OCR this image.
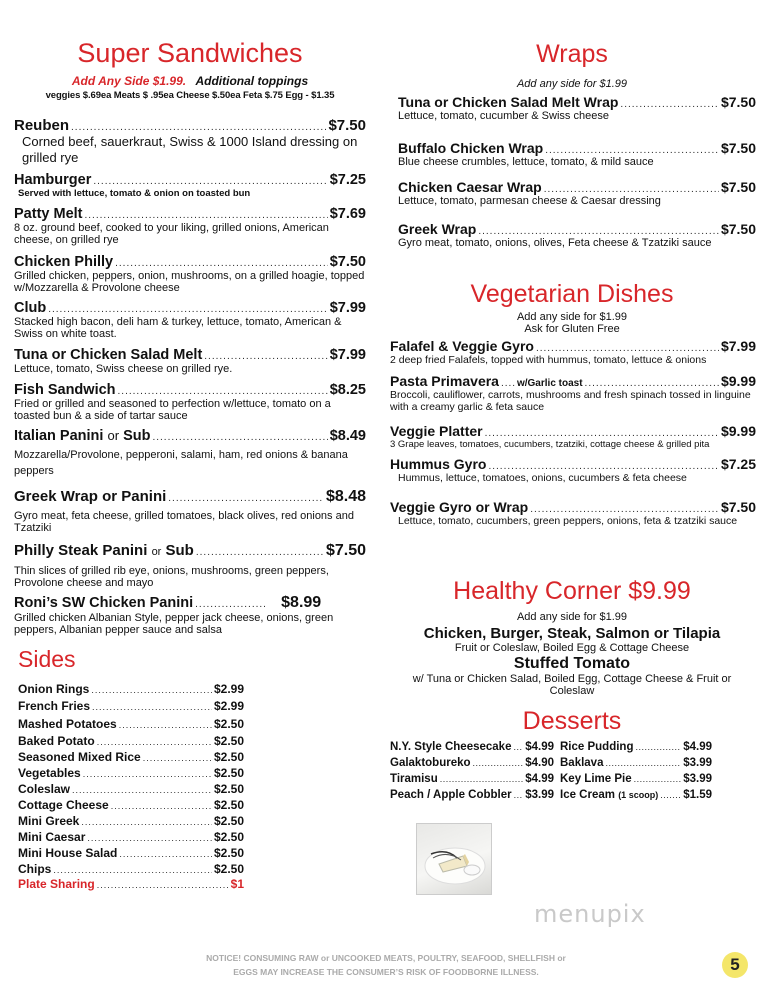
Super Sandwiches
Add Any Side $1.99. Additional toppings
veggies $.69ea Meats $ .95ea Cheese $.50ea Feta $.75 Egg - $1.35
Reuben .....	$7.50
Corned beef, sauerkraut, Swiss & 1000 Island dressing on grilled rye
Hamburger .....	$7.25
Served with lettuce, tomato & onion on toasted bun
Patty Melt .....	$7.69
8 oz. ground beef, cooked to your liking, grilled onions, American cheese, on grilled rye
Chicken Philly .....	$7.50
Grilled chicken, peppers, onion, mushrooms, on a grilled hoagie, topped w/Mozzarella & Provolone cheese
Club .....	$7.99
Stacked high bacon, deli ham & turkey, lettuce, tomato, American & Swiss on white toast.
Tuna or Chicken Salad Melt .....	$7.99
Lettuce, tomato, Swiss cheese on grilled rye.
Fish Sandwich .....	$8.25
Fried or grilled and seasoned to perfection w/lettuce, tomato on a toasted bun & a side of tartar sauce
Italian Panini
or
Sub .....	$8.49
Mozzarella/Provolone, pepperoni, salami, ham, red onions & banana peppers
Greek Wrap or Panini .....	$8.48
Gyro meat, feta cheese, grilled tomatoes, black olives, red onions and Tzatziki
Philly Steak Panini
or
Sub .....	$7.50
Thin slices of grilled rib eye, onions, mushrooms, green peppers, Provolone cheese and mayo
Roni’s SW Chicken Panini .....	$8.99
Grilled chicken Albanian Style, pepper jack cheese, onions, green peppers, Albanian pepper sauce and salsa
Sides
Onion Rings .....	$2.99
French Fries .....	$2.99
Mashed Potatoes .....	$2.50
Baked Potato .....	$2.50
Seasoned Mixed Rice .....	$2.50
Vegetables .....	$2.50
Coleslaw .....	$2.50
Cottage Cheese .....	$2.50
Mini Greek .....	$2.50
Mini Caesar .....	$2.50
Mini House Salad .....	$2.50
Chips .....	$2.50
Plate Sharing .....	$1
Wraps
Add any side for $1.99
Tuna or Chicken Salad Melt Wrap .....	$7.50
Lettuce, tomato, cucumber & Swiss cheese
Buffalo Chicken Wrap .....	$7.50
Blue cheese crumbles, lettuce, tomato, & mild sauce
Chicken Caesar Wrap .....	$7.50
Lettuce, tomato, parmesan cheese & Caesar dressing
Greek Wrap .....	$7.50
Gyro meat, tomato, onions, olives, Feta cheese & Tzatziki sauce
Vegetarian Dishes
Add any side for $1.99
Ask for Gluten Free
Falafel & Veggie Gyro .....	$7.99
2 deep fried Falafels, topped with hummus, tomato, lettuce & onions
Pasta Primavera ..... w/Garlic toast .....	$9.99
Broccoli, cauliflower, carrots, mushrooms and fresh spinach tossed in linguine with a creamy garlic & feta sauce
Veggie Platter .....	$9.99
3 Grape leaves, tomatoes, cucumbers, tzatziki, cottage cheese & grilled pita
Hummus Gyro .....	$7.25
Hummus, lettuce, tomatoes, onions, cucumbers & feta cheese
Veggie Gyro or Wrap .....	$7.50
Lettuce, tomato, cucumbers, green peppers, onions, feta & tzatziki sauce
Healthy Corner $9.99
Add any side for $1.99
Chicken, Burger, Steak, Salmon or Tilapia
Fruit or Coleslaw, Boiled Egg & Cottage Cheese
Stuffed Tomato
w/ Tuna or Chicken Salad, Boiled Egg, Cottage Cheese & Fruit or Coleslaw
Desserts
N.Y. Style Cheesecake ..... $4.99
Galaktobureko .....	$4.90
Tiramisu .....	$4.99
Peach / Apple Cobbler ..... $3.99
Rice Pudding .....	$4.99
Baklava .....	$3.99
Key Lime Pie .....	$3.99
Ice Cream
(1 scoop) ..... $1.59
menupix
NOTICE! CONSUMING RAW or UNCOOKED MEATS, POULTRY, SEAFOOD, SHELLFISH or EGGS MAY INCREASE THE CONSUMER’S RISK OF FOODBORNE ILLNESS.	5
